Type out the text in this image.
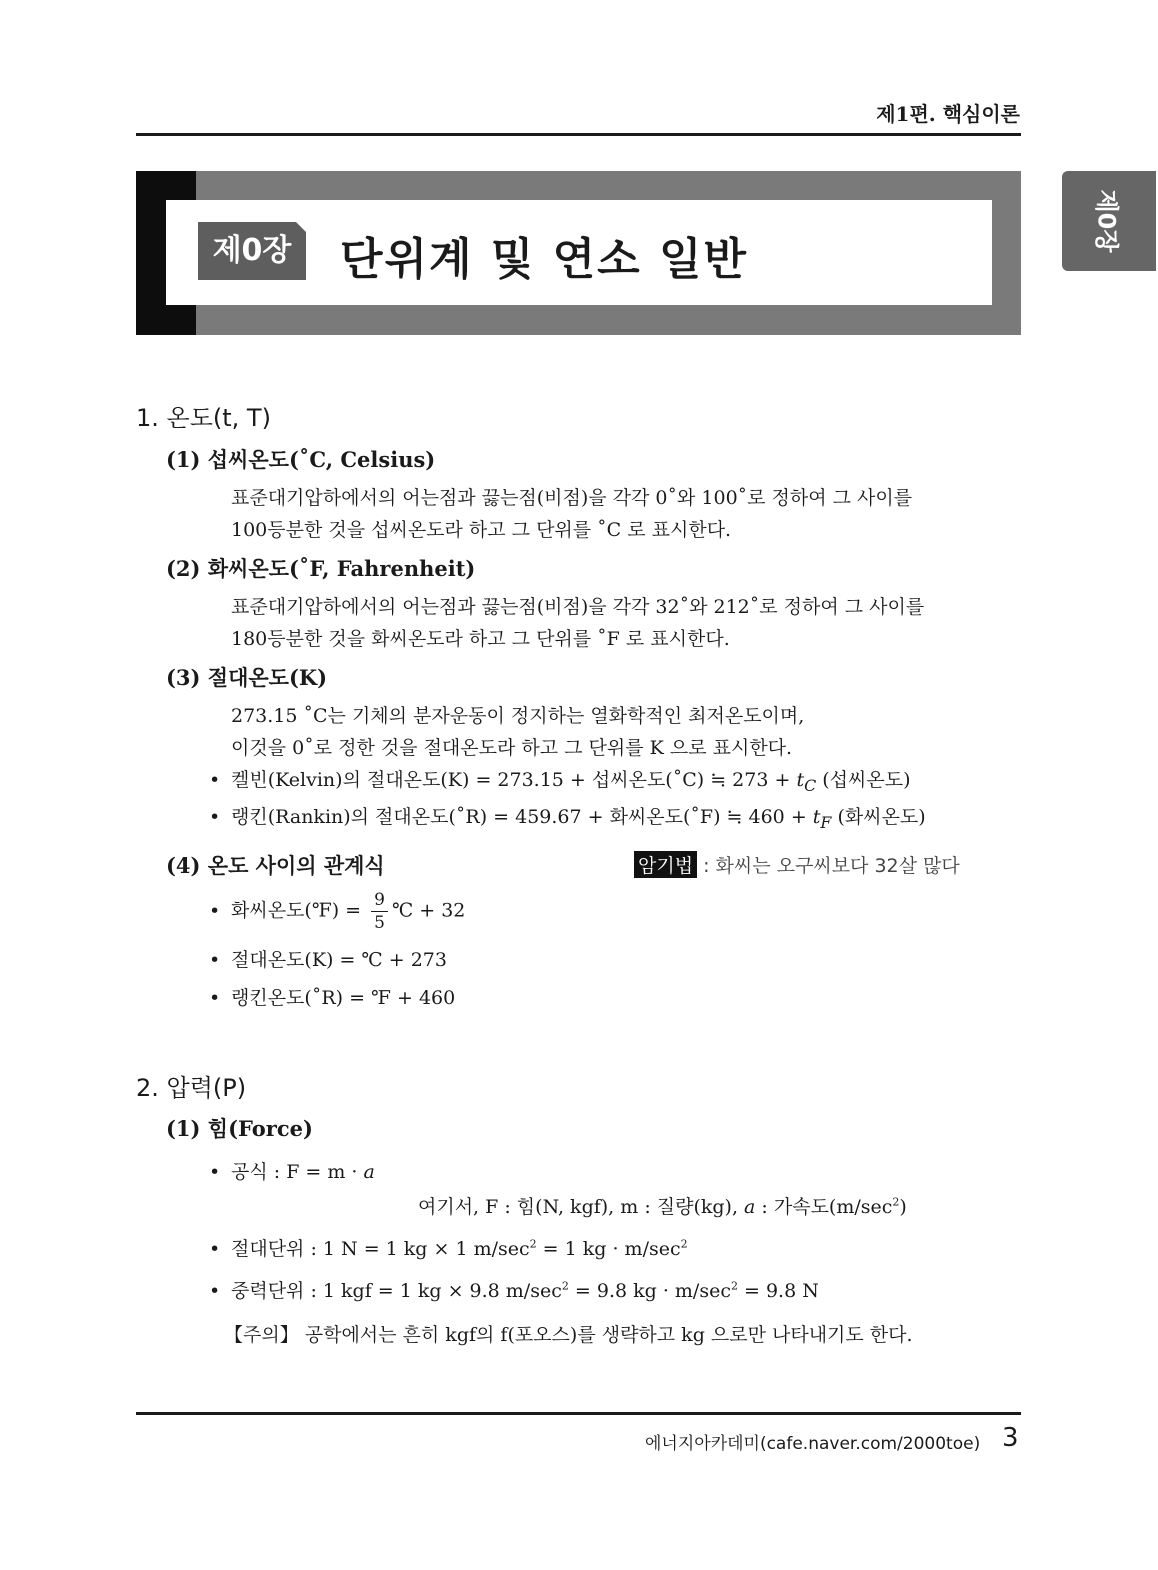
제1편. 핵심이론
제0장
제0장	단위계 및 연소 일반
1. 온도(t, T)
(1) 섭씨온도(˚C, Celsius)
표준대기압하에서의 어는점과 끓는점(비점)을 각각 0˚와 100˚로 정하여 그 사이를
100등분한 것을 섭씨온도라 하고 그 단위를 ˚C 로 표시한다.
(2) 화씨온도(˚F, Fahrenheit)
표준대기압하에서의 어는점과 끓는점(비점)을 각각 32˚와 212˚로 정하여 그 사이를
180등분한 것을 화씨온도라 하고 그 단위를 ˚F 로 표시한다.
(3) 절대온도(K)
273.15 ˚C는 기체의 분자운동이 정지하는 열화학적인 최저온도이며,
이것을 0˚로 정한 것을 절대온도라 하고 그 단위를 K 으로 표시한다.
• 켈빈(Kelvin)의 절대온도(K) = 273.15 + 섭씨온도(˚C) ≒ $273 + t_C$ (섭씨온도)
• 랭킨(Rankin)의 절대온도(˚R) = 459.67 + 화씨온도(˚F) ≒ $460 + t_F$ (화씨온도)
(4) 온도 사이의 관계식	암기법 : 화씨는 오구씨보다 32살 많다
• 화씨온도(℉) = $\frac{9}{5}$ ℃ + 32
• 절대온도(K) = ℃ + 273
• 랭킨온도(˚R) = ℉ + 460
2. 압력(P)
(1) 힘(Force)
• 공식 : F = m · a
여기서, F : 힘(N, kgf), m : 질량(kg), a : 가속도$(m/\sec^2)$
• 절대단위 : 1 N = 1 kg × 1 $m/\sec^2 = 1$ kg · $m/\sec^2$
• 중력단위 : 1 kgf = 1 kg × 9.8 $m/\sec^2 = 9.8$ kg · $m/\sec^2 = 9.8$ N
【주의】 공학에서는 흔히 kgf의 f(포오스)를 생략하고 kg 으로만 나타내기도 한다.
에너지아카데미(cafe.naver.com/2000toe) 3
